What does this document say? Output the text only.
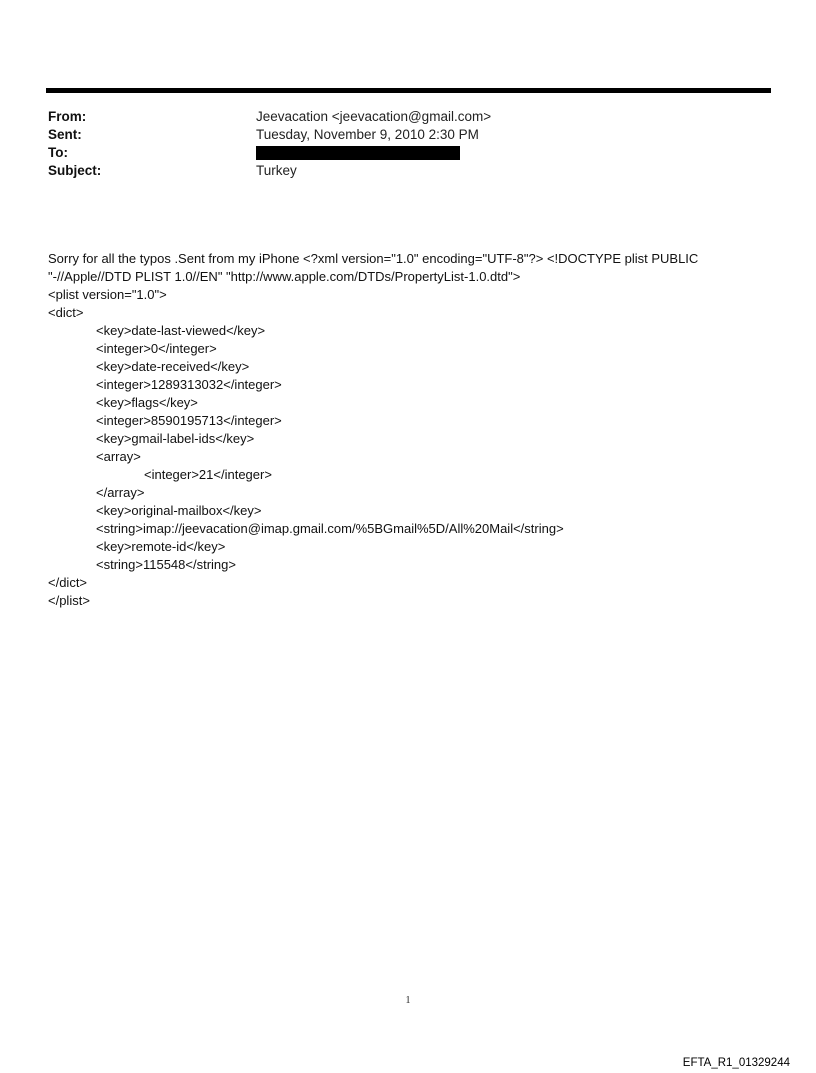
From:	Jeevacation <jeevacation@gmail.com>
Sent:	Tuesday, November 9, 2010 2:30 PM
To:
Subject:	Turkey
Sorry for all the typos .Sent from my iPhone <?xml version="1.0" encoding="UTF-8"?> <!DOCTYPE plist PUBLIC "-//Apple//DTD PLIST 1.0//EN" "http://www.apple.com/DTDs/PropertyList-1.0.dtd">
<plist version="1.0">
<dict>
<key>date-last-viewed</key>
<integer>0</integer>
<key>date-received</key>
<integer>1289313032</integer>
<key>flags</key>
<integer>8590195713</integer>
<key>gmail-label-ids</key>
<array>
<integer>21</integer>
</array>
<key>original-mailbox</key>
<string>imap://jeevacation@imap.gmail.com/%5BGmail%5D/All%20Mail</string>
<key>remote-id</key>
<string>115548</string>
</dict>
</plist>
1
EFTA_R1_01329244
